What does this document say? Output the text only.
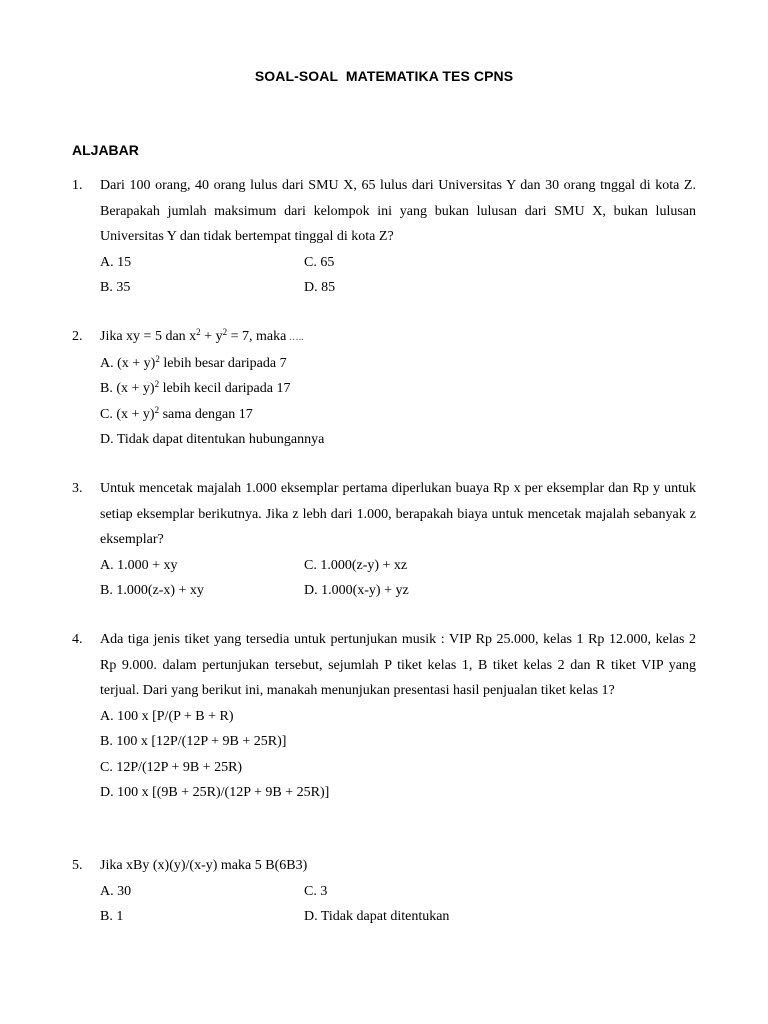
SOAL-SOAL  MATEMATIKA TES CPNS
ALJABAR
1.	Dari 100 orang, 40 orang lulus dari SMU X, 65 lulus dari Universitas Y dan 30 orang tnggal di kota Z. Berapakah jumlah maksimum dari kelompok ini yang bukan lulusan dari SMU X, bukan lulusan Universitas Y dan tidak bertempat tinggal di kota Z?
A. 15	C. 65
B. 35	D. 85
2.	Jika xy = 5 dan $x^2 + y^2 = 7$, maka …..
A. $(x + y)^2$ lebih besar daripada 7
B. $(x + y)^2$ lebih kecil daripada 17
C. $(x + y)^2$ sama dengan 17
D. Tidak dapat ditentukan hubungannya
3.	Untuk mencetak majalah 1.000 eksemplar pertama diperlukan buaya Rp x per eksemplar dan Rp y untuk setiap eksemplar berikutnya. Jika z lebh dari 1.000, berapakah biaya untuk mencetak majalah sebanyak z eksemplar?
A. 1.000 + xy	C. 1.000(z-y) + xz
B. 1.000(z-x) + xy	D. 1.000(x-y) + yz
4.	Ada tiga jenis tiket yang tersedia untuk pertunjukan musik : VIP Rp 25.000, kelas 1 Rp 12.000, kelas 2 Rp 9.000. dalam pertunjukan tersebut, sejumlah P tiket kelas 1, B tiket kelas 2 dan R tiket VIP yang terjual. Dari yang berikut ini, manakah menunjukan presentasi hasil penjualan tiket kelas 1?
A. 100 x [P/(P + B + R)
B. 100 x [12P/(12P + 9B + 25R)]
C. 12P/(12P + 9B + 25R)
D. 100 x [(9B + 25R)/(12P + 9B + 25R)]
5.	Jika xBy (x)(y)/(x-y) maka 5 B(6B3)
A. 30	C. 3
B. 1	D. Tidak dapat ditentukan
